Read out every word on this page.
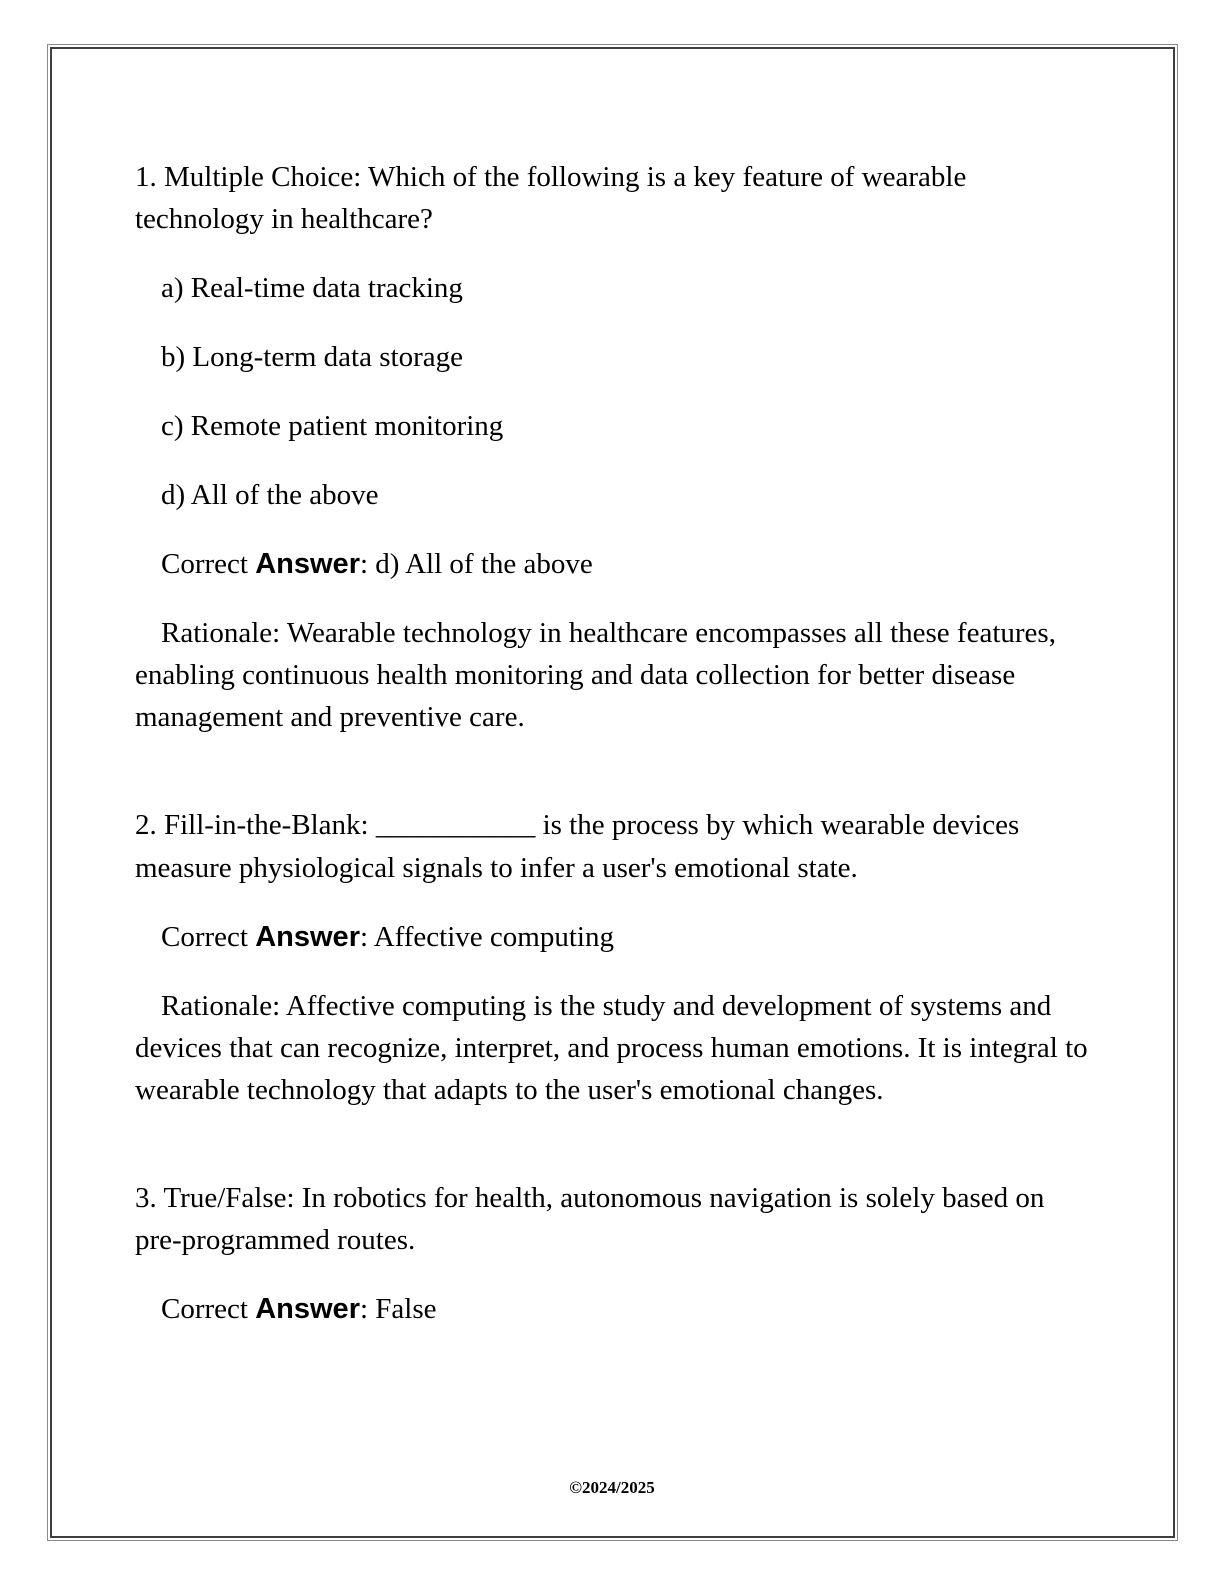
1. Multiple Choice: Which of the following is a key feature of wearable technology in healthcare?

a) Real-time data tracking

b) Long-term data storage

c) Remote patient monitoring

d) All of the above

Correct Answer: d) All of the above

Rationale: Wearable technology in healthcare encompasses all these features, enabling continuous health monitoring and data collection for better disease management and preventive care.

2. Fill-in-the-Blank: ___________ is the process by which wearable devices measure physiological signals to infer a user's emotional state.

Correct Answer: Affective computing

Rationale: Affective computing is the study and development of systems and devices that can recognize, interpret, and process human emotions. It is integral to wearable technology that adapts to the user's emotional changes.

3. True/False: In robotics for health, autonomous navigation is solely based on pre-programmed routes.

Correct Answer: False

©2024/2025
